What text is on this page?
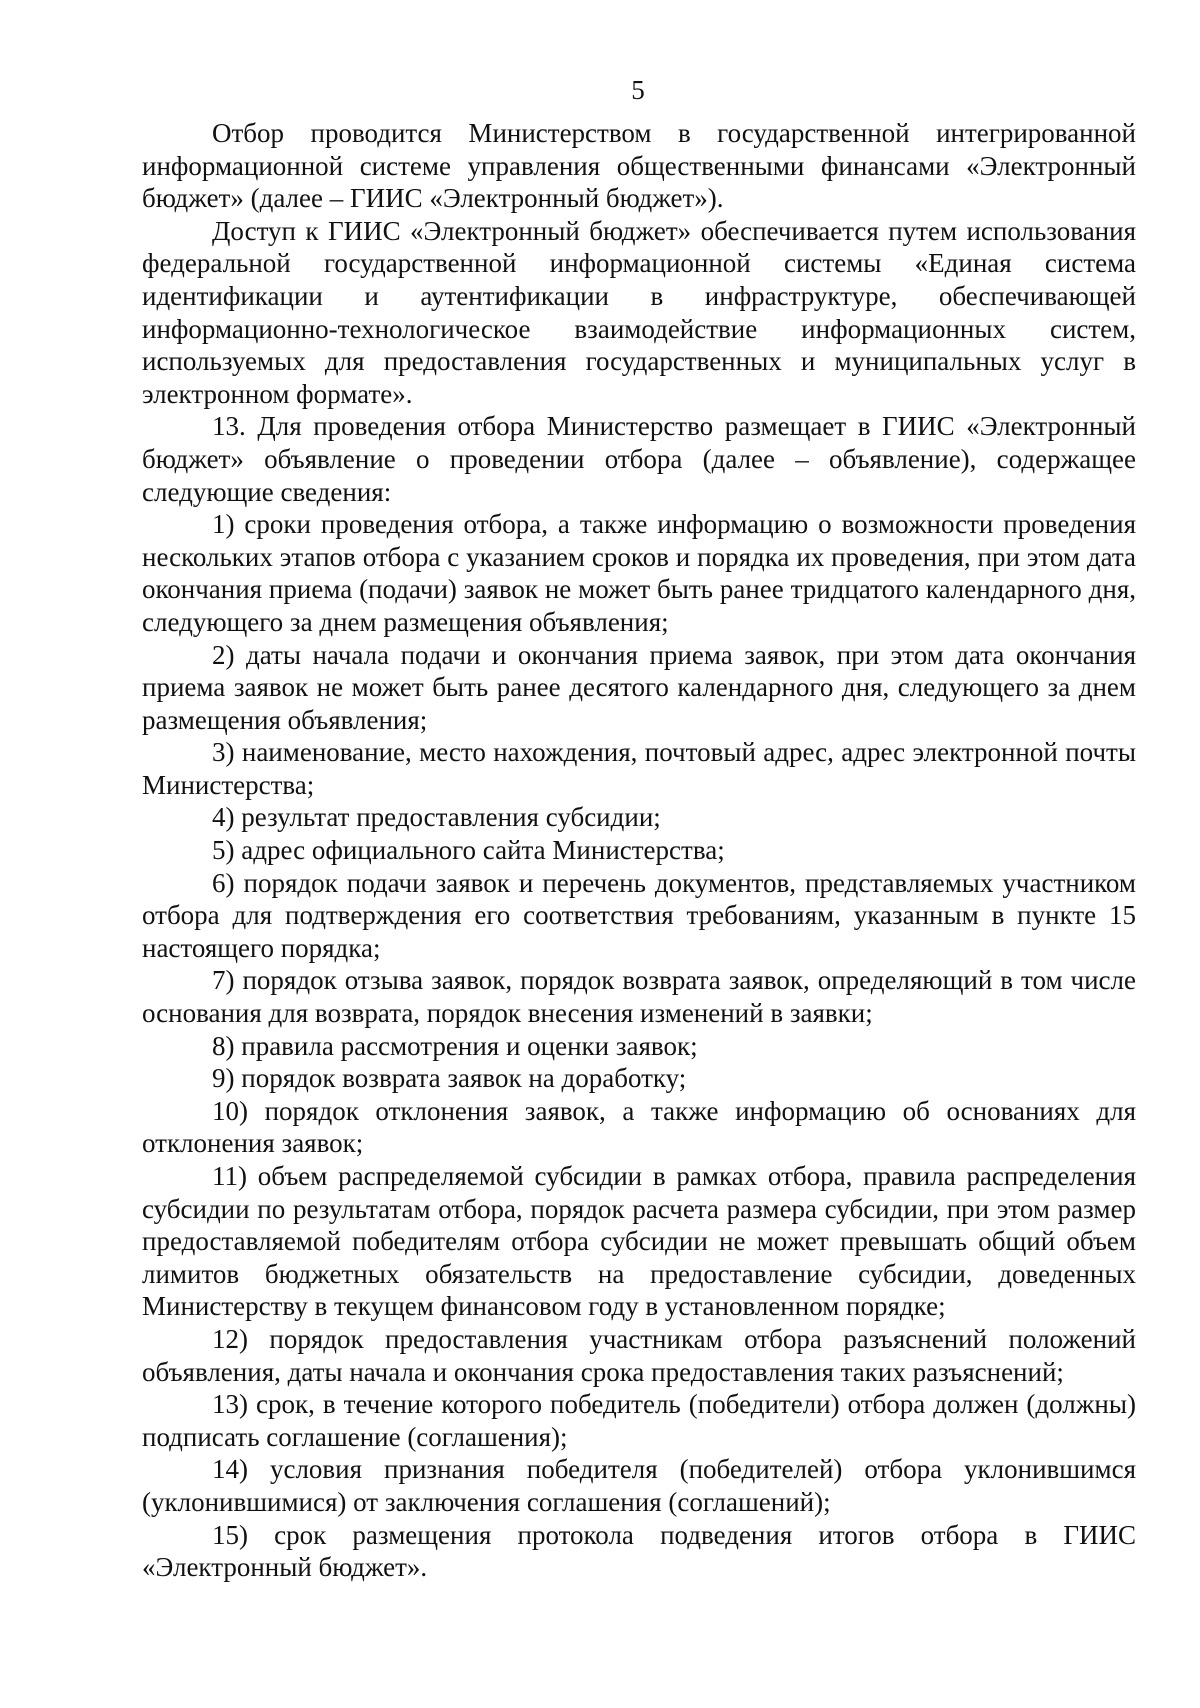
5

Отбор проводится Министерством в государственной интегрированной информационной системе управления общественными финансами «Электронный бюджет» (далее – ГИИС «Электронный бюджет»).

Доступ к ГИИС «Электронный бюджет» обеспечивается путем использования федеральной государственной информационной системы «Единая система идентификации и аутентификации в инфраструктуре, обеспечивающей информационно-технологическое взаимодействие информационных систем, используемых для предоставления государственных и муниципальных услуг в электронном формате».

13. Для проведения отбора Министерство размещает в ГИИС «Электронный бюджет» объявление о проведении отбора (далее – объявление), содержащее следующие сведения:

1) сроки проведения отбора, а также информацию о возможности проведения нескольких этапов отбора с указанием сроков и порядка их проведения, при этом дата окончания приема (подачи) заявок не может быть ранее тридцатого календарного дня, следующего за днем размещения объявления;

2) даты начала подачи и окончания приема заявок, при этом дата окончания приема заявок не может быть ранее десятого календарного дня, следующего за днем размещения объявления;

3) наименование, место нахождения, почтовый адрес, адрес электронной почты Министерства;

4) результат предоставления субсидии;

5) адрес официального сайта Министерства;

6) порядок подачи заявок и перечень документов, представляемых участником отбора для подтверждения его соответствия требованиям, указанным в пункте 15 настоящего порядка;

7) порядок отзыва заявок, порядок возврата заявок, определяющий в том числе основания для возврата, порядок внесения изменений в заявки;

8) правила рассмотрения и оценки заявок;

9) порядок возврата заявок на доработку;

10) порядок отклонения заявок, а также информацию об основаниях для отклонения заявок;

11) объем распределяемой субсидии в рамках отбора, правила распределения субсидии по результатам отбора, порядок расчета размера субсидии, при этом размер предоставляемой победителям отбора субсидии не может превышать общий объем лимитов бюджетных обязательств на предоставление субсидии, доведенных Министерству в текущем финансовом году в установленном порядке;

12) порядок предоставления участникам отбора разъяснений положений объявления, даты начала и окончания срока предоставления таких разъяснений;

13) срок, в течение которого победитель (победители) отбора должен (должны) подписать соглашение (соглашения);

14) условия признания победителя (победителей) отбора уклонившимся (уклонившимися) от заключения соглашения (соглашений);

15) срок размещения протокола подведения итогов отбора в ГИИС «Электронный бюджет».
